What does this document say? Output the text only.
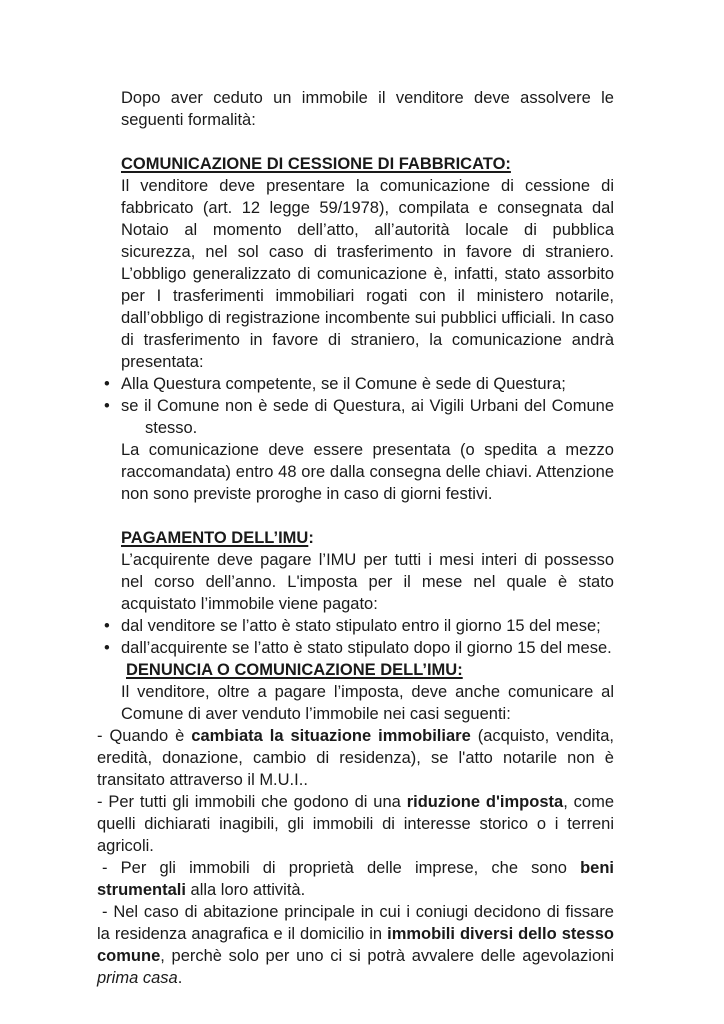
Dopo aver ceduto un immobile il venditore deve assolvere le seguenti formalità:

COMUNICAZIONE DI CESSIONE DI FABBRICATO:

Il venditore deve presentare la comunicazione di cessione di fabbricato (art. 12 legge 59/1978), compilata e consegnata dal Notaio al momento dell’atto, all’autorità locale di pubblica sicurezza, nel sol caso di trasferimento in favore di straniero. L’obbligo generalizzato di comunicazione è, infatti, stato assorbito per I trasferimenti immobiliari rogati con il ministero notarile, dall’obbligo di registrazione incombente sui pubblici ufficiali. In caso di trasferimento in favore di straniero, la comunicazione andrà presentata:

• Alla Questura competente, se il Comune è sede di Questura;
• se il Comune non è sede di Questura, ai Vigili Urbani del Comune stesso.

La comunicazione deve essere presentata (o spedita a mezzo raccomandata) entro 48 ore dalla consegna delle chiavi. Attenzione non sono previste proroghe in caso di giorni festivi.

PAGAMENTO DELL’IMU:

L’acquirente deve pagare l’IMU per tutti i mesi interi di possesso nel corso dell’anno. L'imposta per il mese nel quale è stato acquistato l’immobile viene pagato:

• dal venditore se l’atto è stato stipulato entro il giorno 15 del mese;
• dall’acquirente se l’atto è stato stipulato dopo il giorno 15 del mese.

DENUNCIA O COMUNICAZIONE DELL’IMU:

Il venditore, oltre a pagare l’imposta, deve anche comunicare al Comune di aver venduto l’immobile nei casi seguenti:

- Quando è cambiata la situazione immobiliare (acquisto, vendita, eredità, donazione, cambio di residenza), se l'atto notarile non è transitato attraverso il M.U.I..

- Per tutti gli immobili che godono di una riduzione d'imposta, come quelli dichiarati inagibili, gli immobili di interesse storico o i terreni agricoli.

- Per gli immobili di proprietà delle imprese, che sono beni strumentali alla loro attività.

- Nel caso di abitazione principale in cui i coniugi decidono di fissare la residenza anagrafica e il domicilio in immobili diversi dello stesso comune, perchè solo per uno ci si potrà avvalere delle agevolazioni prima casa.
